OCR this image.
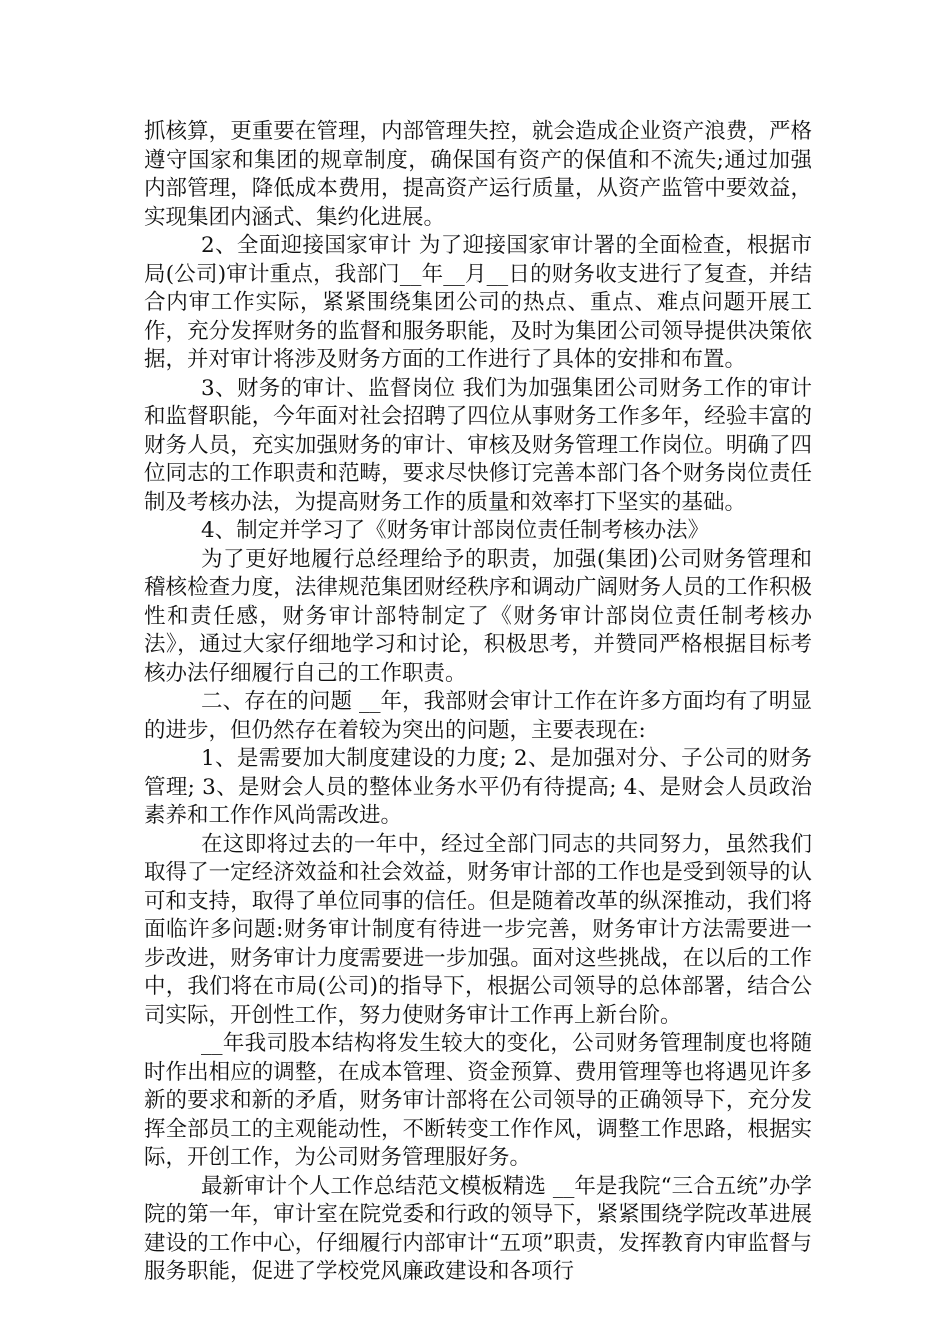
抓核算，更重要在管理，内部管理失控，就会造成企业资产浪费，严格遵守国家和集团的规章制度，确保国有资产的保值和不流失;通过加强内部管理，降低成本费用，提高资产运行质量，从资产监管中要效益，实现集团内涵式、集约化进展。

2、全面迎接国家审计 为了迎接国家审计署的全面检查，根据市局(公司)审计重点，我部门__年__月__日的财务收支进行了复查，并结合内审工作实际，紧紧围绕集团公司的热点、重点、难点问题开展工作，充分发挥财务的监督和服务职能，及时为集团公司领导提供决策依据，并对审计将涉及财务方面的工作进行了具体的安排和布置。

3、财务的审计、监督岗位 我们为加强集团公司财务工作的审计和监督职能，今年面对社会招聘了四位从事财务工作多年，经验丰富的财务人员，充实加强财务的审计、审核及财务管理工作岗位。明确了四位同志的工作职责和范畴，要求尽快修订完善本部门各个财务岗位责任制及考核办法，为提高财务工作的质量和效率打下坚实的基础。

4、制定并学习了《财务审计部岗位责任制考核办法》

为了更好地履行总经理给予的职责，加强(集团)公司财务管理和稽核检查力度，法律规范集团财经秩序和调动广阔财务人员的工作积极性和责任感，财务审计部特制定了《财务审计部岗位责任制考核办法》，通过大家仔细地学习和讨论，积极思考，并赞同严格根据目标考核办法仔细履行自己的工作职责。

二、存在的问题 __年，我部财会审计工作在许多方面均有了明显的进步，但仍然存在着较为突出的问题，主要表现在:

1、是需要加大制度建设的力度; 2、是加强对分、子公司的财务管理; 3、是财会人员的整体业务水平仍有待提高; 4、是财会人员政治素养和工作作风尚需改进。

在这即将过去的一年中，经过全部门同志的共同努力，虽然我们取得了一定经济效益和社会效益，财务审计部的工作也是受到领导的认可和支持，取得了单位同事的信任。但是随着改革的纵深推动，我们将面临许多问题:财务审计制度有待进一步完善，财务审计方法需要进一步改进，财务审计力度需要进一步加强。面对这些挑战，在以后的工作中，我们将在市局(公司)的指导下，根据公司领导的总体部署，结合公司实际，开创性工作，努力使财务审计工作再上新台阶。

__年我司股本结构将发生较大的变化，公司财务管理制度也将随时作出相应的调整，在成本管理、资金预算、费用管理等也将遇见许多新的要求和新的矛盾，财务审计部将在公司领导的正确领导下，充分发挥全部员工的主观能动性，不断转变工作作风，调整工作思路，根据实际，开创工作，为公司财务管理服好务。

最新审计个人工作总结范文模板精选 __年是我院“三合五统”办学院的第一年，审计室在院党委和行政的领导下，紧紧围绕学院改革进展建设的工作中心，仔细履行内部审计“五项”职责，发挥教育内审监督与服务职能，促进了学校党风廉政建设和各项行
